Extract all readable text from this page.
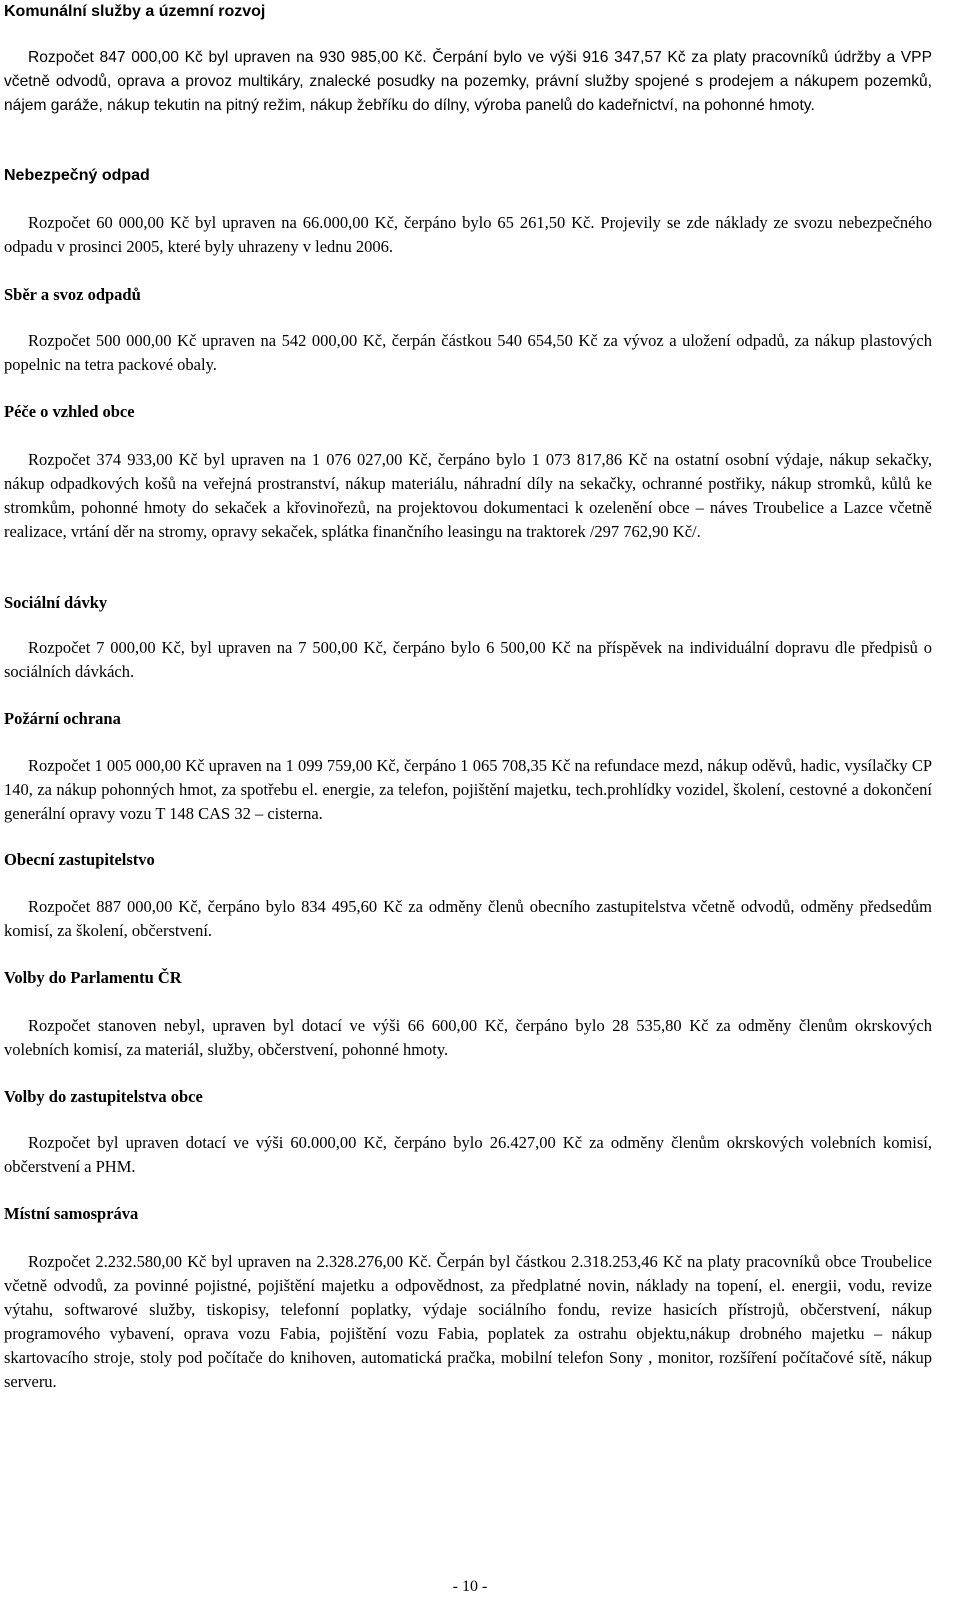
Komunální služby a územní rozvoj
Rozpočet 847 000,00 Kč byl upraven na 930 985,00 Kč. Čerpání bylo ve výši 916 347,57 Kč za platy pracovníků údržby a VPP včetně odvodů, oprava a provoz multikáry, znalecké posudky na pozemky, právní služby spojené s prodejem a nákupem pozemků, nájem garáže, nákup tekutin na pitný režim, nákup žebříku do dílny, výroba panelů do kadeřnictví, na pohonné hmoty.
Nebezpečný odpad
Rozpočet 60 000,00 Kč byl upraven na 66.000,00 Kč, čerpáno bylo 65 261,50 Kč. Projevily se zde náklady ze svozu nebezpečného odpadu v prosinci 2005, které byly uhrazeny v lednu 2006.
Sběr a svoz odpadů
Rozpočet 500 000,00 Kč upraven na 542 000,00 Kč, čerpán částkou 540 654,50 Kč za vývoz a uložení odpadů, za nákup plastových popelnic na tetra packové obaly.
Péče o vzhled obce
Rozpočet 374 933,00 Kč byl upraven na 1 076 027,00 Kč, čerpáno bylo 1 073 817,86 Kč na ostatní osobní výdaje, nákup sekačky, nákup odpadkových košů na veřejná prostranství, nákup materiálu, náhradní díly na sekačky, ochranné postřiky, nákup stromků, kůlů ke stromkům, pohonné hmoty do sekaček a křovinořezů, na projektovou dokumentaci k ozelenění obce – náves Troubelice a Lazce včetně realizace, vrtání děr na stromy, opravy sekaček, splátka finančního leasingu na traktorek /297 762,90 Kč/.
Sociální dávky
Rozpočet 7 000,00 Kč, byl upraven na 7 500,00 Kč, čerpáno bylo 6 500,00 Kč na příspěvek na individuální dopravu dle předpisů o sociálních dávkách.
Požární ochrana
Rozpočet 1 005 000,00 Kč upraven na 1 099 759,00 Kč, čerpáno 1 065 708,35 Kč na refundace mezd, nákup oděvů, hadic, vysílačky CP 140, za nákup pohonných hmot, za spotřebu el. energie, za telefon, pojištění majetku, tech.prohlídky vozidel, školení, cestovné a dokončení generální opravy vozu T 148 CAS 32 – cisterna.
Obecní zastupitelstvo
Rozpočet 887 000,00 Kč, čerpáno bylo 834 495,60 Kč za odměny členů obecního zastupitelstva včetně odvodů, odměny předsedům komisí, za školení, občerstvení.
Volby do Parlamentu ČR
Rozpočet stanoven nebyl, upraven byl dotací ve výši 66 600,00 Kč, čerpáno bylo 28 535,80 Kč za odměny členům okrskových volebních komisí, za materiál, služby, občerstvení, pohonné hmoty.
Volby do zastupitelstva obce
Rozpočet byl upraven dotací ve výši 60.000,00 Kč, čerpáno bylo 26.427,00 Kč za odměny členům okrskových volebních komisí, občerstvení a PHM.
Místní samospráva
Rozpočet 2.232.580,00 Kč byl upraven na 2.328.276,00 Kč. Čerpán byl částkou 2.318.253,46 Kč na platy pracovníků obce Troubelice včetně odvodů, za povinné pojistné, pojištění majetku a odpovědnost, za předplatné novin, náklady na topení, el. energii, vodu, revize výtahu, softwarové služby, tiskopisy, telefonní poplatky, výdaje sociálního fondu, revize hasicích přístrojů, občerstvení, nákup programového vybavení, oprava vozu Fabia, pojištění vozu Fabia, poplatek za ostrahu objektu,nákup drobného majetku – nákup skartovacího stroje, stoly pod počítače do knihoven, automatická pračka, mobilní telefon Sony , monitor, rozšíření počítačové sítě, nákup serveru.
- 10 -
